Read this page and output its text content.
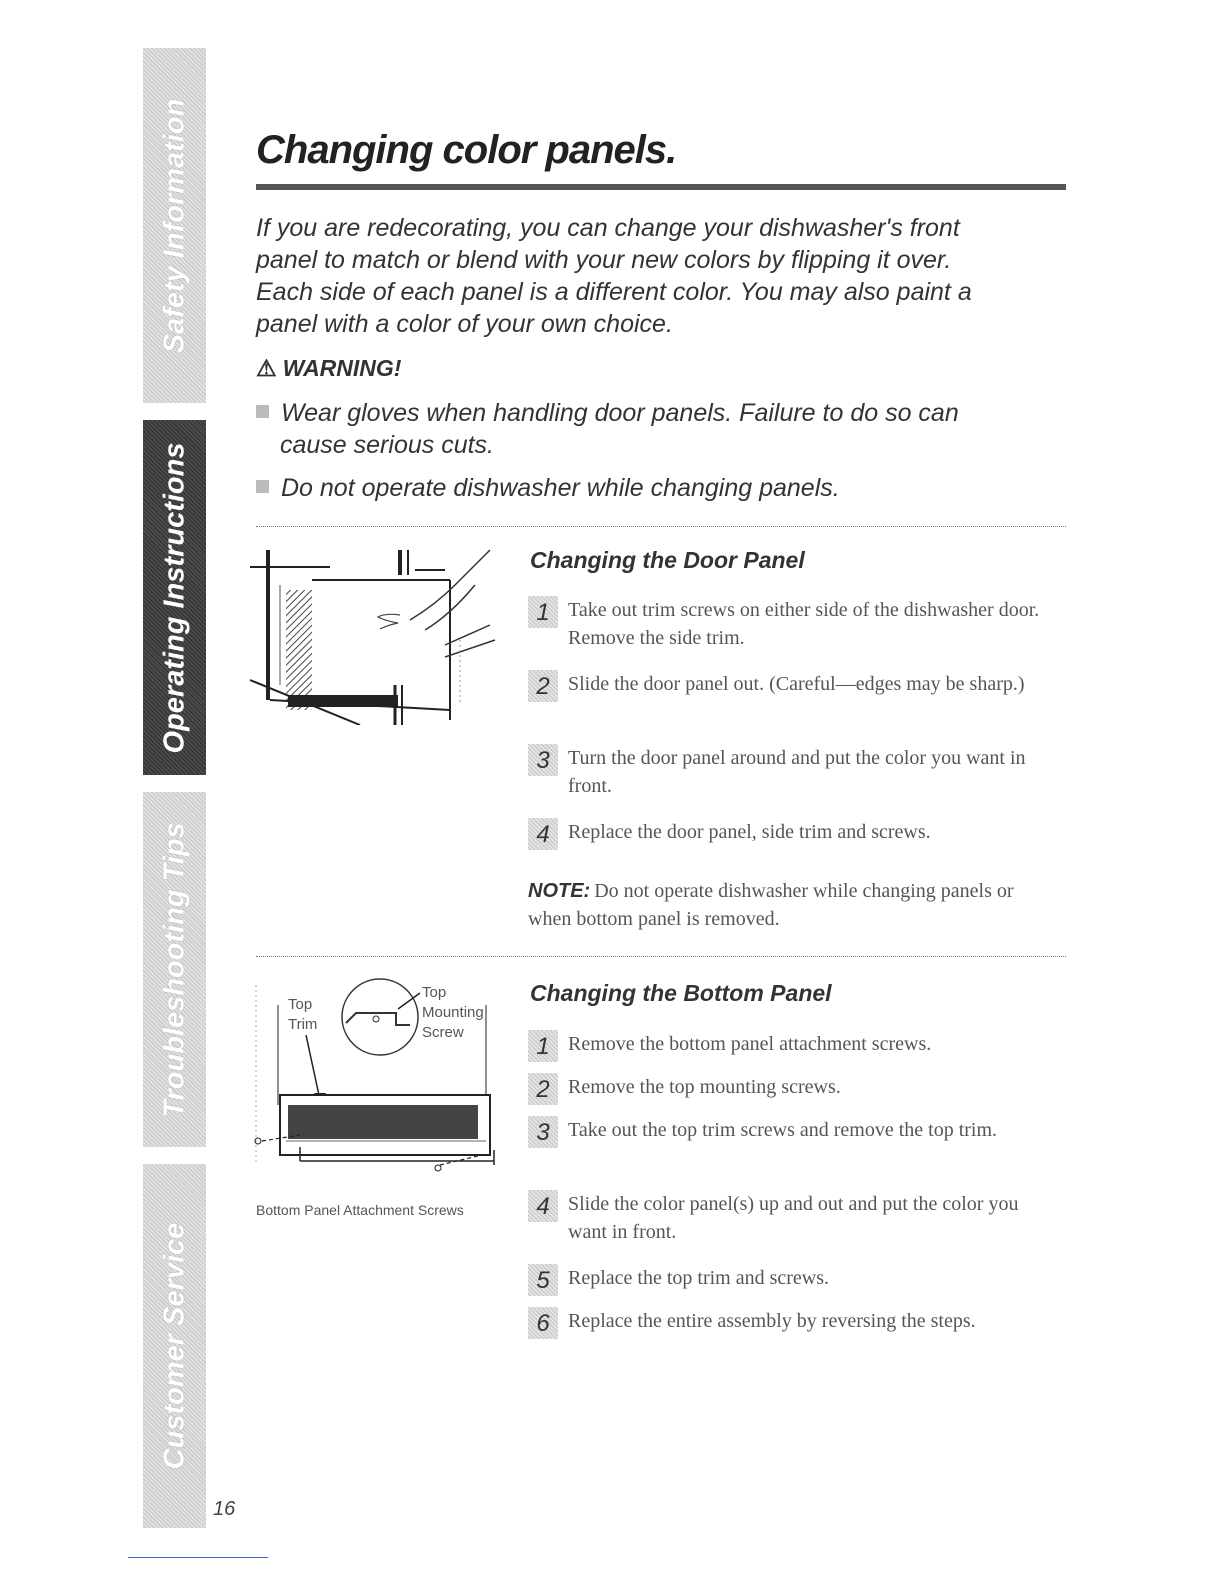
Safety Information
Operating Instructions
Troubleshooting Tips
Customer Service
Changing color panels.

If you are redecorating, you can change your dishwasher's front panel to match or blend with your new colors by flipping it over. Each side of each panel is a different color. You may also paint a panel with a color of your own choice.

⚠ WARNING!
Wear gloves when handling door panels. Failure to do so can
cause serious cuts.
Do not operate dishwasher while changing panels.
Changing the Door Panel
1 Take out trim screws on either side of the dishwasher door. Remove the side trim.
2 Slide the door panel out. (Careful—edges may be sharp.)
3 Turn the door panel around and put the color you want in front.
4 Replace the door panel, side trim and screws.
NOTE: Do not operate dishwasher while changing panels or when bottom panel is removed.
Top
Trim
Top
Mounting
Screw
Bottom Panel Attachment Screws
Changing the Bottom Panel
1 Remove the bottom panel attachment screws.
2 Remove the top mounting screws.
3 Take out the top trim screws and remove the top trim.
4 Slide the color panel(s) up and out and put the color you want in front.
5 Replace the top trim and screws.
6 Replace the entire assembly by reversing the steps.
16
